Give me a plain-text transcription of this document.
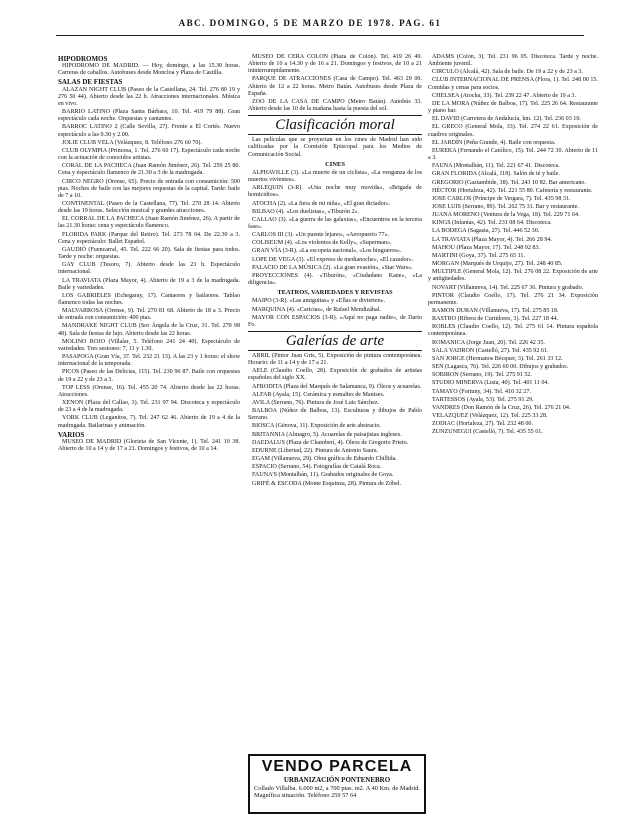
ABC. DOMINGO, 5 DE MARZO DE 1978. PAG. 61
HIPODROMOS
HIPODROMO DE MADRID. — Hoy, domingo, a las 15.30 horas. Carreras de caballos. Autobuses desde Moncloa y Plaza de Castilla.
SALAS DE FIESTAS
ALAZAN NIGHT CLUB (Paseo de la Castellana, 24. Tel. 276 80 19 y 276 50 44). Abierto desde las 22 h. Atracciones internacionales. Música en vivo.
BARRIO LATINO (Plaza Santa Bárbara, 10. Tel. 419 79 88). Gran espectáculo cada noche. Orquestas y cantantes.
BARROC LATINO 2 (Calle Sevilla, 27). Frente a El Cortés. Nuevo espectáculo a las 0.30 y 2.00.
JOLIE CLUB VELA (Velázquez, 8. Teléfono 276 60 70).
CLUB OLYMPIA (Princesa, 1. Tel. 276 60 17). Espectáculo cada noche con la actuación de conocidos artistas.
CORAL DE LA PACHECA (Juan Ramón Jiménez, 26). Tel. 259 25 80. Cena y espectáculo flamenco de 21.30 a 3 de la madrugada.
CIRCO NEGRO (Orense, 65). Precio de entrada con consumición: 500 ptas. Noches de baile con las mejores orquestas de la capital. Tarde: baile de 7 a 10.
CONTINENTAL (Paseo de la Castellana, 77). Tel. 270 28 14. Abierto desde las 19 horas. Selección musical y grandes atracciones.
EL CORRAL DE LA PACHECA (Juan Ramón Jiménez, 26). A partir de las 21.30 horas: cena y espectáculo flamenco.
FLORIDA PARK (Parque del Retiro). Tel. 273 78 04. De 22.30 a 3. Cena y espectáculo: Ballet Español.
GAUDIÓ (Fuencarral, 45. Tel. 222 66 20). Sala de fiestas para todos. Tarde y noche: orquestas.
GAY CLUB (Tesoro, 7). Abierto desde las 23 h. Espectáculo internacional.
LA TRAVIATA (Plaza Mayor, 4). Abierto de 19 a 3 de la madrugada. Baile y variedades.
LOS GABRIELES (Echegaray, 17). Cantaores y bailaores. Tablao flamenco todas las noches.
MALVARROSA (Orense, 9). Tel. 270 81 68. Abierto de 18 a 3. Precio de entrada con consumición: 400 ptas.
MANDRAKE NIGHT CLUB (Sor Ángela de la Cruz, 31. Tel. 270 98 48). Sala de fiestas de lujo. Abierto desde las 22 horas.
MOLINO ROJO (Villalar, 5. Teléfono 241 24 40). Espectáculo de variedades. Tres sesiones: 7, 11 y 1.30.
PASAPOGA (Gran Vía, 37. Tel. 232 21 13). A las 23 y 1 horas: el show internacional de la temporada.
PICOS (Paseo de las Delicias, 115). Tel. 230 96 87. Baile con orquestas de 19 a 22 y de 23 a 3.
TOP LESS (Orense, 16). Tel. 455 20 74. Abierto desde las 22 horas. Atracciones.
XENON (Plaza del Callao, 3). Tel. 231 97 94. Discoteca y espectáculo de 23 a 4 de la madrugada.
YORK CLUB (Leganitos, 7). Tel. 247 62 46. Abierto de 19 a 4 de la madrugada. Bailarinas y animación.
VARIOS
MUSEO DE MADRID (Glorieta de San Vicente, 1). Tel. 241 10 38. Abierto de 10 a 14 y de 17 a 21. Domingos y festivos, de 10 a 14.
MUSEO DE CERA COLÓN (Plaza de Colón). Tel. 419 26 49. Abierto de 10 a 14.30 y de 16 a 21. Domingos y festivos, de 10 a 21 ininterrumpidamente.
PARQUE DE ATRACCIONES (Casa de Campo). Tel. 463 29 00. Abierto de 12 a 22 horas. Metro Batán. Autobuses desde Plaza de España.
ZOO DE LA CASA DE CAMPO (Metro Batán). Autobús 33. Abierto desde las 10 de la mañana hasta la puesta del sol.
Clasificación moral
Las películas que se proyectan en los cines de Madrid han sido calificadas por la Comisión Episcopal para los Medios de Comunicación Social.
CINES
ALPHAVILLE (3). «La muerte de un ciclista», «La venganza de los muertos vivientes».
ARLEQUIN (3-R). «Una noche muy movida», «Brigada de homicidios».
ATOCHA (2). «La fiera de mi niña», «El gran dictador».
BILBAO (4). «Los duelistas», «Tiburón 2».
CALLAO (3). «La guerra de las galaxias», «Encuentros en la tercera fase».
CARLOS III (3). «Un puente lejano», «Aeropuerto 77».
COLISEUM (4). «Los violentos de Kelly», «Superman».
GRAN VÍA (3-R). «La escopeta nacional», «Los bingueros».
LOPE DE VEGA (3). «El expreso de medianoche», «El cazador».
PALACIO DE LA MÚSICA (2). «La gran evasión», «Star Wars».
PROYECCIONES (4). «Tiburón», «Ciudadano Kane», «La diligencia».
TEATROS, VARIEDADES Y REVISTAS
MAIPO (3-R). «Las amiguitas» y «Ellas se divierten».
MARQUINA (4). «Caricias», de Rafael Mendizábal.
MAYOR CON ESPACIOS (3-R). «Aquí no paga nadie», de Dario Fo.
Galerías de arte
ABRIL (Pintor Juan Gris, 5). Exposición de pintura contemporánea. Horario: de 11 a 14 y de 17 a 21.
AELE (Claudio Coello, 28). Exposición de grabados de artistas españoles del siglo XX.
AFRODITA (Plaza del Marqués de Salamanca, 9). Óleos y acuarelas.
ALFAR (Ayala, 15). Cerámica y esmaltes de Manises.
AVILA (Serrano, 76). Pintura de José Luis Sánchez.
BALBOA (Núñez de Balboa, 13). Esculturas y dibujos de Pablo Serrano.
BIOSCA (Génova, 11). Exposición de arte abstracto.
BRITANNIA (Almagro, 5). Acuarelas de paisajistas ingleses.
DAEDALUS (Plaza de Chamberí, 4). Óleos de Gregorio Prieto.
EDURNE (Libertad, 22). Pintura de Antonio Saura.
EGAM (Villanueva, 29). Obra gráfica de Eduardo Chillida.
ESPACIO (Serrano, 54). Fotografías de Catalá Roca.
FAUNA'S (Montalbán, 11). Grabados originales de Goya.
GRIFÉ & ESCODA (Monte Esquinza, 28). Pintura de Zóbel.
VENDO PARCELA
URBANIZACIÓN PONTENEBRO
Collado Villalba. 6.000 m2, a 700 ptas. m2. A 40 Km. de Madrid. Magnífica situación. Teléfono 259 57 64
ADAMS (Colón, 3). Tel. 231 96 05. Discoteca. Tarde y noche. Ambiente juvenil.
CIRCULO (Alcalá, 42). Sala de baile. De 19 a 22 y de 23 a 3.
CLUB INTERNACIONAL DE PRENSA (Flora, 1). Tel. 248 00 15. Comidas y cenas para socios.
CHELSEA (Atocha, 33). Tel. 239 22 47. Abierto de 19 a 3.
DE LA MORA (Núñez de Balboa, 17). Tel. 225 26 64. Restaurante y piano bar.
EL DAVID (Carretera de Andalucía, km. 12). Tel. 236 03 10.
EL GRECO (General Mola, 33). Tel. 274 22 61. Exposición de cuadros originales.
EL JARDÍN (Peña Grande, 4). Baile con orquesta.
EUREKA (Fernando el Católico, 15). Tel. 244 72 30. Abierto de 11 a 3.
FAUNA (Montalbán, 11). Tel. 221 67 41. Discoteca.
GRAN FLORIDA (Alcalá, 118). Salón de té y baile.
GREGORIO (Gaztambide, 38). Tel. 243 10 82. Bar americano.
HÉCTOR (Hortaleza, 42). Tel. 221 55 80. Cafetería y restaurante.
JOSE CARLOS (Príncipe de Vergara, 7). Tel. 435 98 31.
JOSE LUIS (Serrano, 89). Tel. 262 75 31. Bar y restaurante.
JUANA MORENO (Ventura de la Vega, 18). Tel. 229 71 64.
KINGS (Infantas, 42). Tel. 231 08 64. Discoteca.
LA BODEGA (Sagasta, 27). Tel. 446 52 30.
LA TRAVIATA (Plaza Mayor, 4). Tel. 266 28 94.
MAHOU (Plaza Mayor, 17). Tel. 248 92 83.
MARTINI (Goya, 37). Tel. 275 65 11.
MORGAN (Marqués de Urquijo, 27). Tel. 248 40 85.
MULTIPLE (General Mola, 12). Tel. 276 08 22. Exposición de arte y antigüedades.
NOVART (Villanueva, 14). Tel. 225 67 36. Pintura y grabado.
PINTOR (Claudio Coello, 17). Tel. 276 21 34. Exposición permanente.
RAMON DURAN (Villanueva, 17). Tel. 275 85 18.
RASTRO (Ribera de Curtidores, 3). Tel. 227 18 44.
ROBLES (Claudio Coello, 12). Tel. 275 61 14. Pintura española contemporánea.
ROMANICA (Jorge Juan, 20). Tel. 226 42 35.
SALA VADRON (Castelló, 27). Tel. 435 92 61.
SAN JORGE (Hermanos Bécquer, 3). Tel. 261 33 12.
SEN (Lagasca, 76). Tel. 226 60 00. Dibujos y grabados.
SOBIRON (Serrano, 19). Tel. 275 91 52.
STUDIO MINERVA (Lista, 40). Tel. 401 11 04.
TAMAYO (Fortuny, 34). Tel. 410 32 27.
TARTESSOS (Ayala, 53). Tel. 275 91 29.
VANDRES (Don Ramón de la Cruz, 26). Tel. 276 21 04.
VELAZQUEZ (Velázquez, 12). Tel. 225 33 28.
ZODIAC (Hortaleza, 27). Tel. 232 48 00.
ZUNZUNEGUI (Castelló, 7). Tel. 435 55 61.
